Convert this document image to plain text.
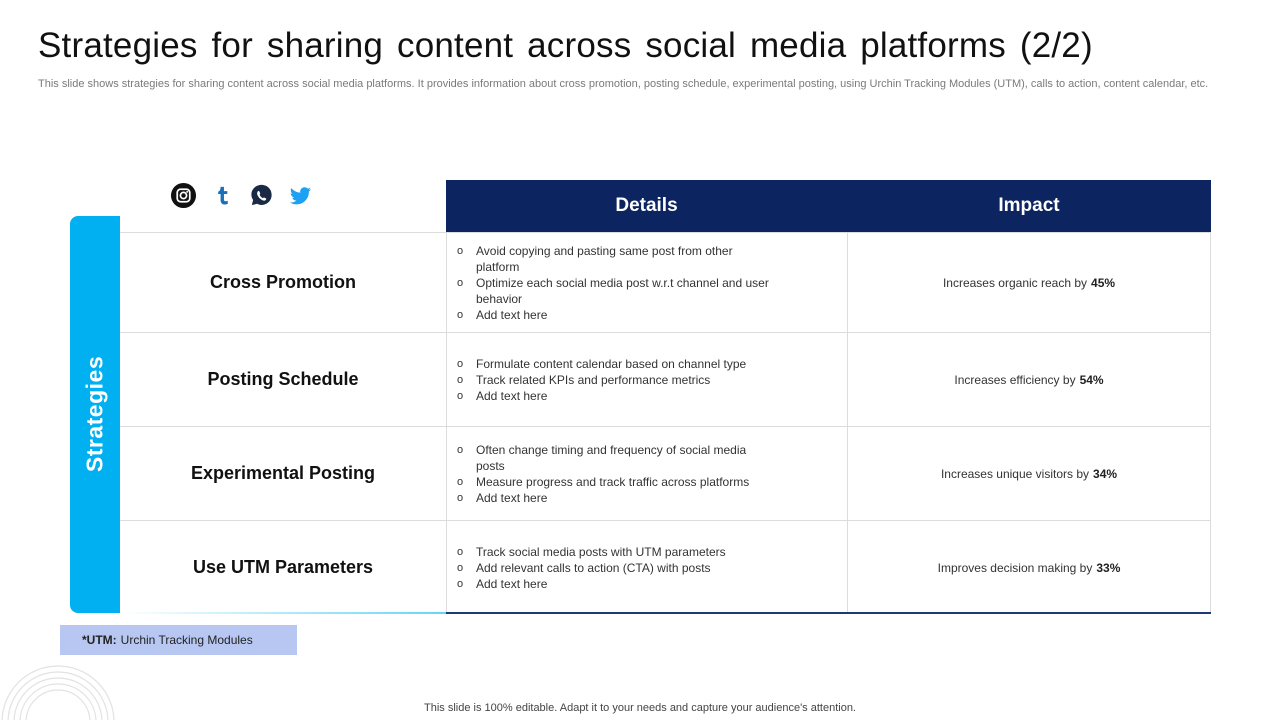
Strategies for sharing content across social media platforms (2/2)

This slide shows strategies for sharing content across social media platforms. It provides information about cross promotion, posting schedule, experimental posting, using Urchin Tracking Modules (UTM), calls to action, content calendar, etc.

Strategies
Details	Impact
Cross Promotion
o Avoid copying and pasting same post from other platform
o Optimize each social media post w.r.t channel and user behavior
o Add text here
Increases organic reach by 45%
Posting Schedule
o Formulate content calendar based on channel type
o Track related KPIs and performance metrics
o Add text here
Increases efficiency by 54%
Experimental Posting
o Often change timing and frequency of social media posts
o Measure progress and track traffic across platforms
o Add text here
Increases unique visitors by 34%
Use UTM Parameters
o Track social media posts with UTM parameters
o Add relevant calls to action (CTA) with posts
o Add text here
Improves decision making by 33%
*UTM: Urchin Tracking Modules
This slide is 100% editable. Adapt it to your needs and capture your audience's attention.
